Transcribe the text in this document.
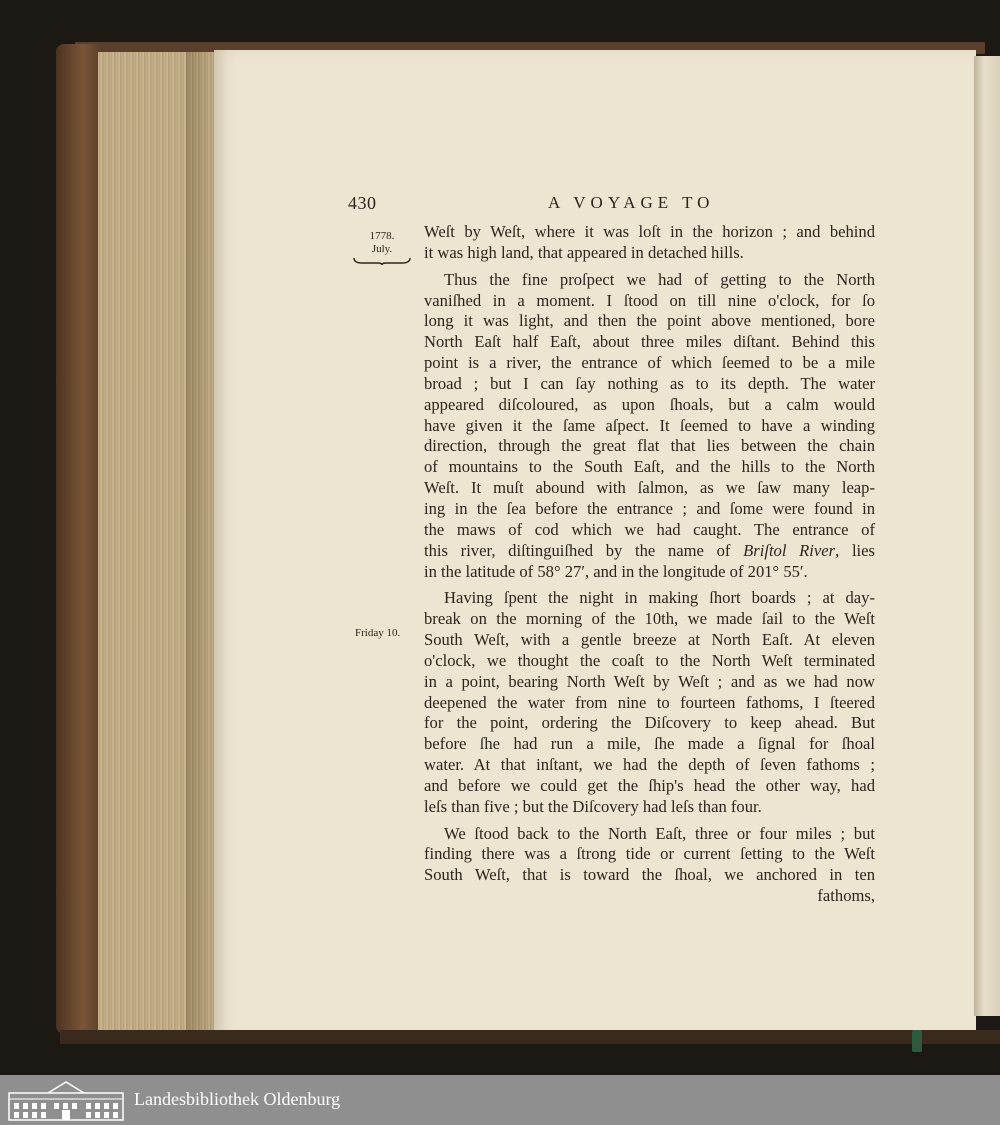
430	A VOYAGE TO
1778.
July.
Friday 10.
Weſt by Weſt, where it was loſt in the horizon ; and behind
it was high land, that appeared in detached hills.
Thus the fine proſpect we had of getting to the North
vaniſhed in a moment. I ſtood on till nine o'clock, for ſo
long it was light, and then the point above mentioned, bore
North Eaſt half Eaſt, about three miles diſtant. Behind this
point is a river, the entrance of which ſeemed to be a mile
broad ; but I can ſay nothing as to its depth. The water
appeared diſcoloured, as upon ſhoals, but a calm would
have given it the ſame aſpect. It ſeemed to have a winding
direction, through the great flat that lies between the chain
of mountains to the South Eaſt, and the hills to the North
Weſt. It muſt abound with ſalmon, as we ſaw many leap-
ing in the ſea before the entrance ; and ſome were found in
the maws of cod which we had caught. The entrance of
this river, diſtinguiſhed by the name of Briſtol River, lies
in the latitude of 58° 27′, and in the longitude of 201° 55′.
Having ſpent the night in making ſhort boards ; at day-
break on the morning of the 10th, we made ſail to the Weſt
South Weſt, with a gentle breeze at North Eaſt. At eleven
o'clock, we thought the coaſt to the North Weſt terminated
in a point, bearing North Weſt by Weſt ; and as we had now
deepened the water from nine to fourteen fathoms, I ſteered
for the point, ordering the Diſcovery to keep ahead. But
before ſhe had run a mile, ſhe made a ſignal for ſhoal
water. At that inſtant, we had the depth of ſeven fathoms ;
and before we could get the ſhip's head the other way, had
leſs than five ; but the Diſcovery had leſs than four.
We ſtood back to the North Eaſt, three or four miles ; but
finding there was a ſtrong tide or current ſetting to the Weſt
South Weſt, that is toward the ſhoal, we anchored in ten
fathoms,
Landesbibliothek Oldenburg
